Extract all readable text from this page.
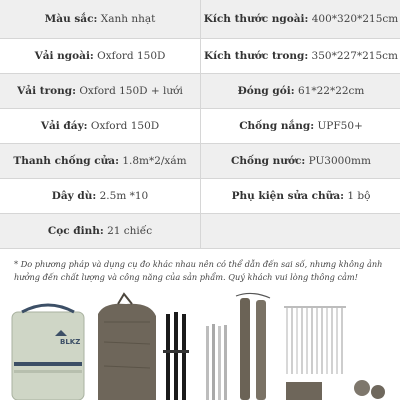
Màu sắc: Xanh nhạt	Kích thước ngoài: 400*320*215cm
Vải ngoài: Oxford 150D	Kích thước trong: 350*227*215cm
Vải trong: Oxford 150D + lưới	Đóng gói: 61*22*22cm
Vải đáy: Oxford 150D	Chống nắng: UPF50+
Thanh chống cửa: 1.8m*2/xám	Chống nước: PU3000mm
Dây dù: 2.5m *10	Phụ kiện sửa chữa: 1 bộ
Cọc đinh: 21 chiếc	
* Do phương pháp và dụng cụ đo khác nhau nên có thể dẫn đến sai số, nhưng không ảnh hưởng đến chất lượng và công năng của sản phẩm. Quý khách vui lòng thông cảm!
BLKZ
